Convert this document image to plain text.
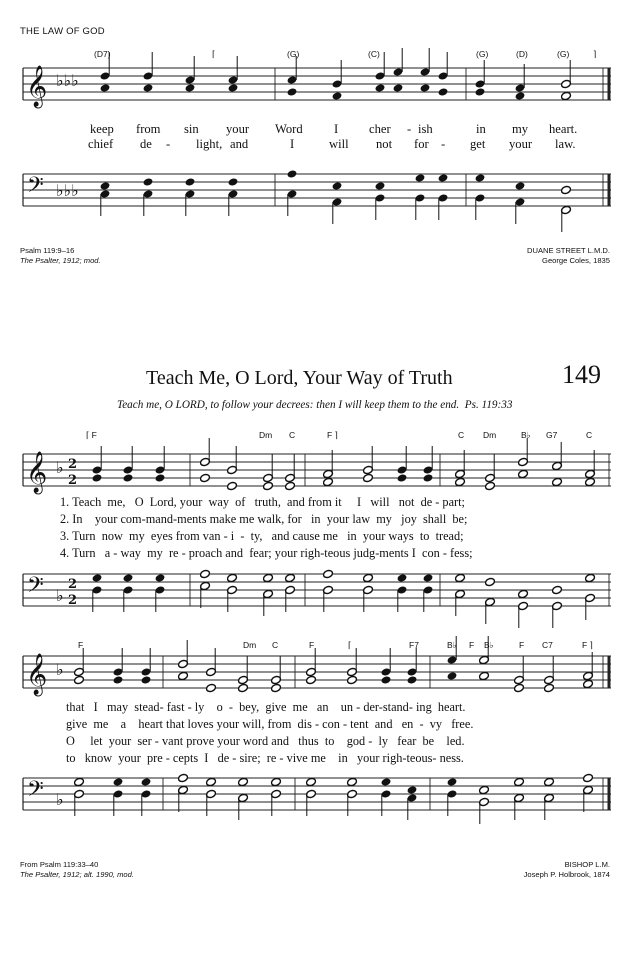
THE LAW OF GOD
𝄞 ♭♭♭
(D7)	⌈	(G)	(C)	(G)	(D)	(G)	⌉
keep from sin your Word I cher - ish	in my heart.
chief de - light, and	I	will not for - get your law.
𝄢 ♭♭♭
Psalm 119:9–16
The Psalter, 1912; mod.
DUANE STREET L.M.D.
George Coles, 1835
Teach Me, O Lord, Your Way of Truth	149
Teach me, O LORD, to follow your decrees: then I will keep them to the end.  Ps. 119:33
⌈ F	Dm C	F ⌉	C Dm	B♭ G7	C
𝄞 ♭ 2
2
1. Teach  me,   O  Lord, your  way  of   truth,  and from it     I   will   not  de - part;
2. In    your com-mand-ments make me walk, for   in  your law  my   joy  shall  be;
3. Turn  now  my  eyes from van - i  -  ty,   and cause me   in  your ways  to  tread;
4. Turn   a - way  my  re - proach and  fear; your righ-teous judg-ments I  con - fess;
𝄢 ♭
2
2
F	Dm C	F	⌈	F7	B♭ F B♭	F C7	F ⌉
𝄞 ♭
that   I   may  stead- fast - ly    o  -  bey,  give  me   an    un - der-stand- ing  heart.
give  me    a    heart that loves your will, from  dis - con - tent  and   en  -  vy   free.
O     let  your  ser - vant prove your word and   thus  to    god -  ly   fear  be    led.
to   know  your  pre - cepts  I   de - sire;  re - vive me    in   your righ-teous- ness.
𝄢 ♭
From Psalm 119:33–40
The Psalter, 1912; alt. 1990, mod.
BISHOP L.M.
Joseph P. Holbrook, 1874
